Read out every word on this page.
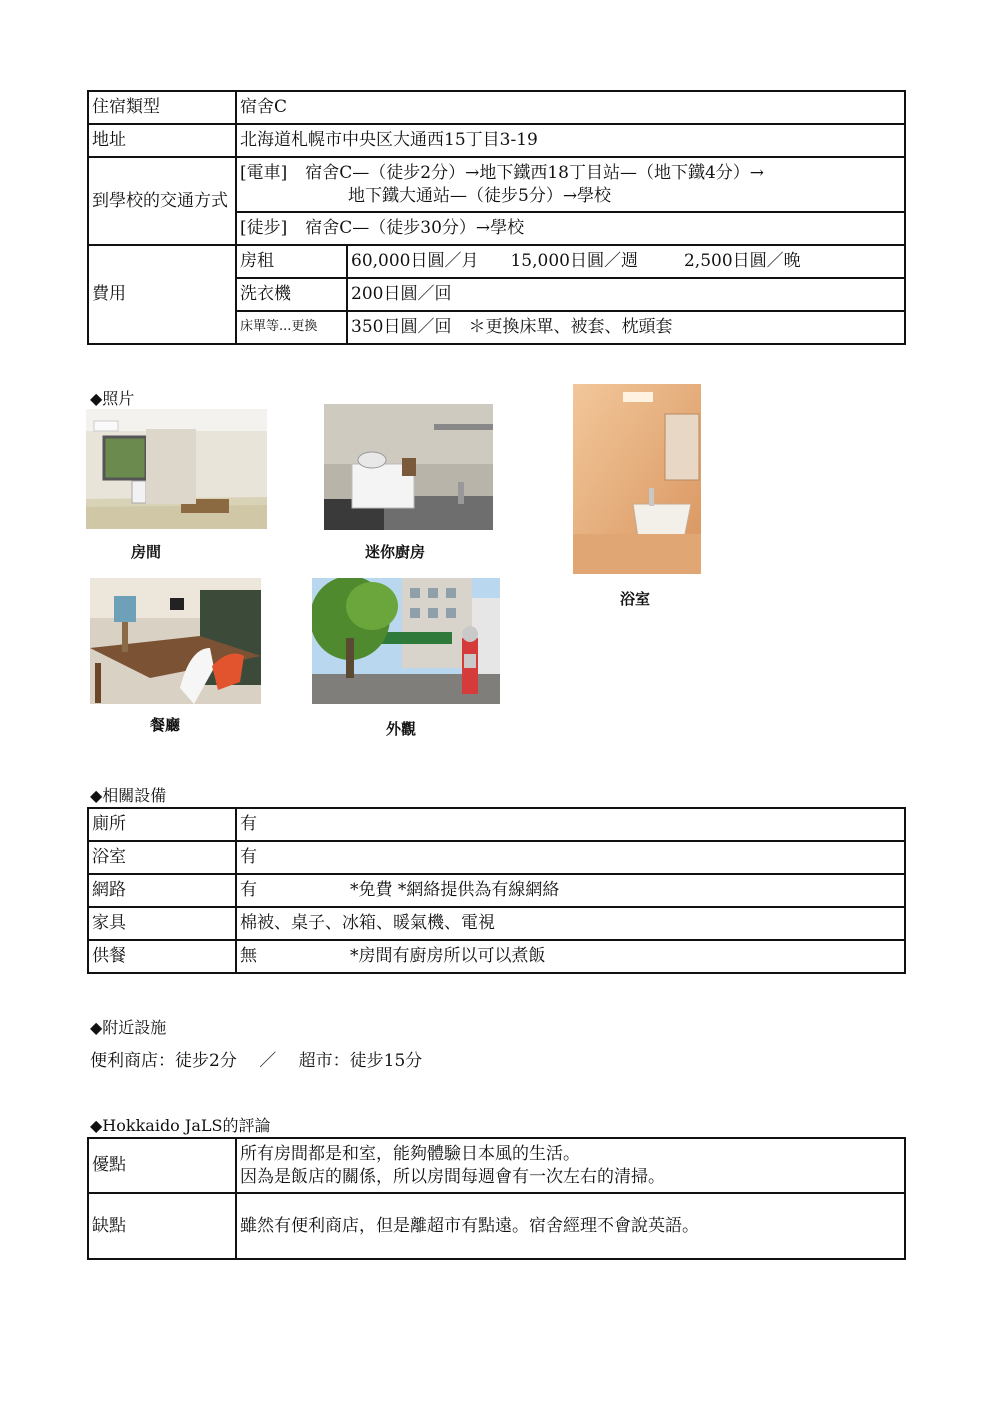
住宿類型	宿舍C	
地址	北海道札幌市中央区大通西15丁目3-19	
到學校的交通方式	[電車] 宿舍C—（徒步2分）→地下鐵西18丁目站—（地下鐵4分）→
地下鐵大通站—（徒步5分）→學校	

	[徒步] 宿舍C—（徒步30分）→學校	
費用	房租	60,000日圓／月 15,000日圓／週 2,500日圓／晚
	洗衣機	200日圓／回
	床單等...更換	350日圓／回　＊更換床單、被套、枕頭套
◆照片
房間	迷你廚房
浴室
餐廳	外觀
◆相關設備
廁所	有
浴室	有
網路	有 *免費 *網絡提供為有線網絡
家具	棉被、桌子、冰箱、暖氣機、電視
供餐	無 *房間有廚房所以可以煮飯
◆附近設施
便利商店：徒步2分　 ／ 　超市：徒步15分
◆Hokkaido JaLS的評論
優點	所有房間都是和室，能夠體驗日本風的生活。
因為是飯店的關係，所以房間每週會有一次左右的清掃。

缺點	雖然有便利商店，但是離超市有點遠。宿舍經理不會說英語。
